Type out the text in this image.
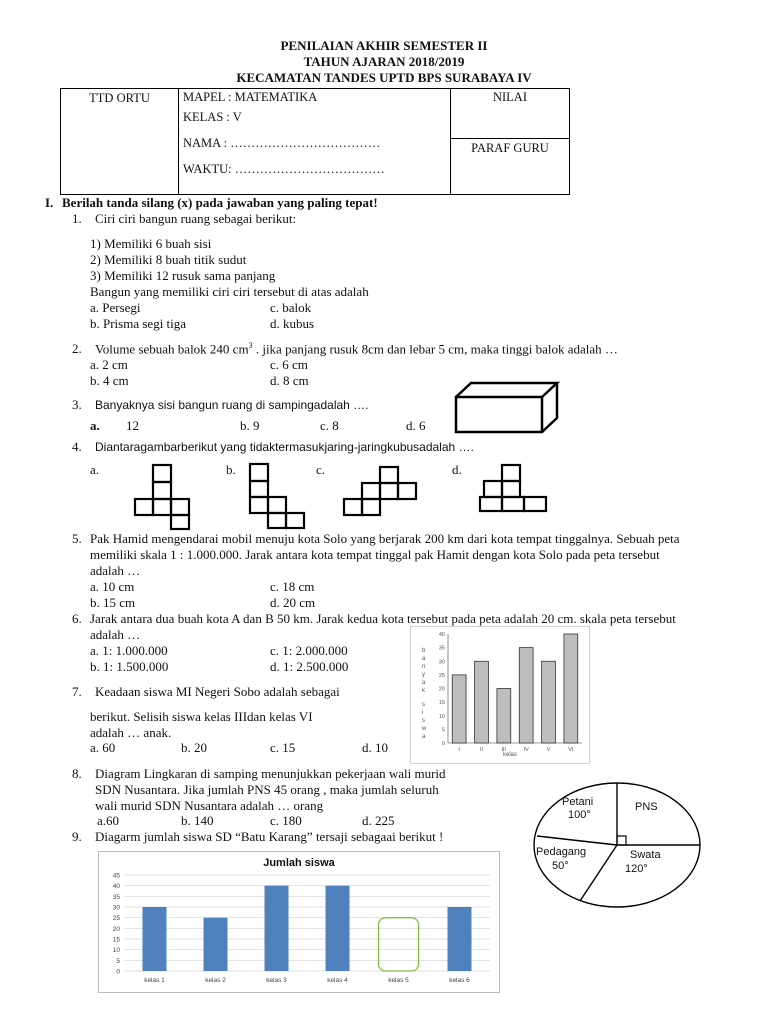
PENILAIAN AKHIR SEMESTER II
TAHUN AJARAN 2018/2019
KECAMATAN TANDES UPTD BPS SURABAYA IV
TTD ORTU	MAPEL : MATEMATIKA
KELAS : V
NAMA : ………………………………
WAKTU: ………………………………

NILAI
PARAF GURU
I. Berilah tanda silang (x) pada jawaban yang paling tepat!
1. Ciri ciri bangun ruang sebagai berikut:
1) Memiliki 6 buah sisi
2) Memiliki 8 buah titik sudut
3) Memiliki 12 rusuk sama panjang
Bangun yang memiliki ciri ciri tersebut di atas adalah
a. Persegi	c. balok
b. Prisma segi tiga	d. kubus
2. Volume sebuah balok 240 $cm^3$ . jika panjang rusuk 8cm dan lebar 5 cm, maka tinggi balok adalah …
a. 2 cm	c. 6 cm
b. 4 cm	d. 8 cm
3. Banyaknya sisi bangun ruang di sampingadalah ….
a. 12	b. 9	c. 8	d. 6
4. Diantaragambarberikut yang tidaktermasukjaring-jaringkubusadalah ….
a.	b.	c.	d.
5. Pak Hamid mengendarai mobil menuju kota Solo yang berjarak 200 km dari kota tempat tinggalnya. Sebuah peta
memiliki skala 1 : 1.000.000. Jarak antara kota tempat tinggal pak Hamit dengan kota Solo pada peta tersebut
adalah …
a. 10 cm	c. 18 cm
b. 15 cm	d. 20 cm
6. Jarak antara dua buah kota A dan B 50 km. Jarak kedua kota tersebut pada peta adalah 20 cm. skala peta tersebut
adalah …
a. 1: 1.000.000	c. 1: 2.000.000
b. 1: 1.500.000	d. 1: 2.500.000
7. Keadaan siswa MI Negeri Sobo adalah sebagai
berikut. Selisih siswa kelas IIIdan kelas VI
adalah … anak.
a. 60	b. 20	c. 15	d. 10
b
a
n
y
a
k
s
i
s
w
a
0
5
10
15
20
25
30
35
40
I	II	III	IV	V	VI
kelas
8. Diagram Lingkaran di samping menunjukkan pekerjaan wali murid
SDN Nusantara. Jika jumlah PNS 45 orang , maka jumlah seluruh
wali murid SDN Nusantara adalah … orang
a.60	b. 140	c. 180	d. 225
Petani
100°
PNS
Pedagang
50°
Swata
120°
9. Diagarm jumlah siswa SD “Batu Karang” tersaji sebagaai berikut !
Jumlah siswa
0
5
10
15
20
25
30
35
40
45
kelas 1	kelas 2	kelas 3	kelas 4	kelas 5	kelas 6
